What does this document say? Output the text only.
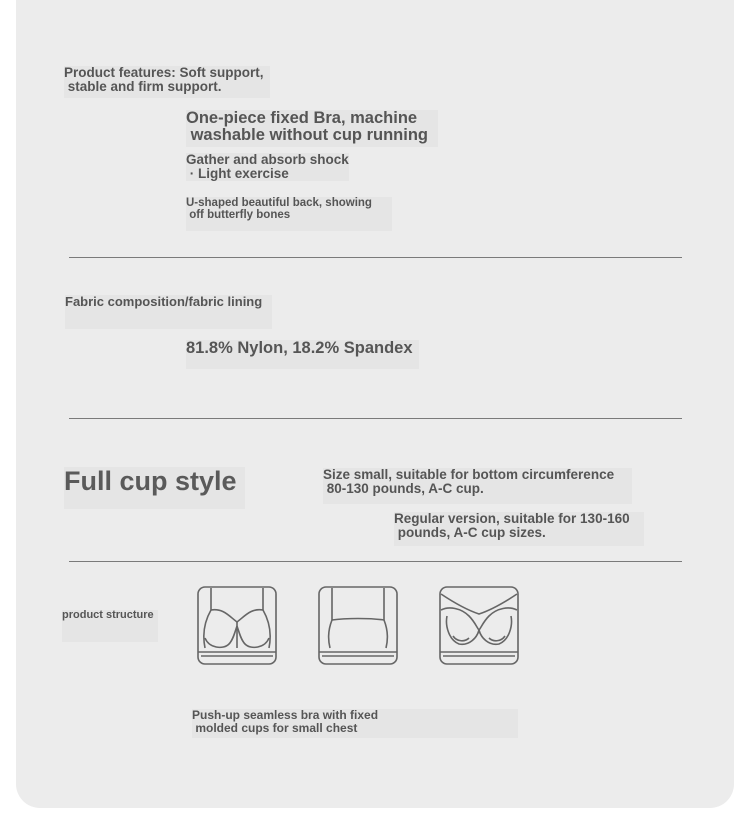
Product features: Soft support,
stable and firm support.
One-piece fixed Bra, machine
washable without cup running
Gather and absorb shock
· Light exercise
U-shaped beautiful back, showing
off butterfly bones
Fabric composition/fabric lining
81.8% Nylon, 18.2% Spandex
Full cup style	Size small, suitable for bottom circumference
80-130 pounds, A-C cup.
Regular version, suitable for 130-160
pounds, A-C cup sizes.
product structure
Push-up seamless bra with fixed
molded cups for small chest
